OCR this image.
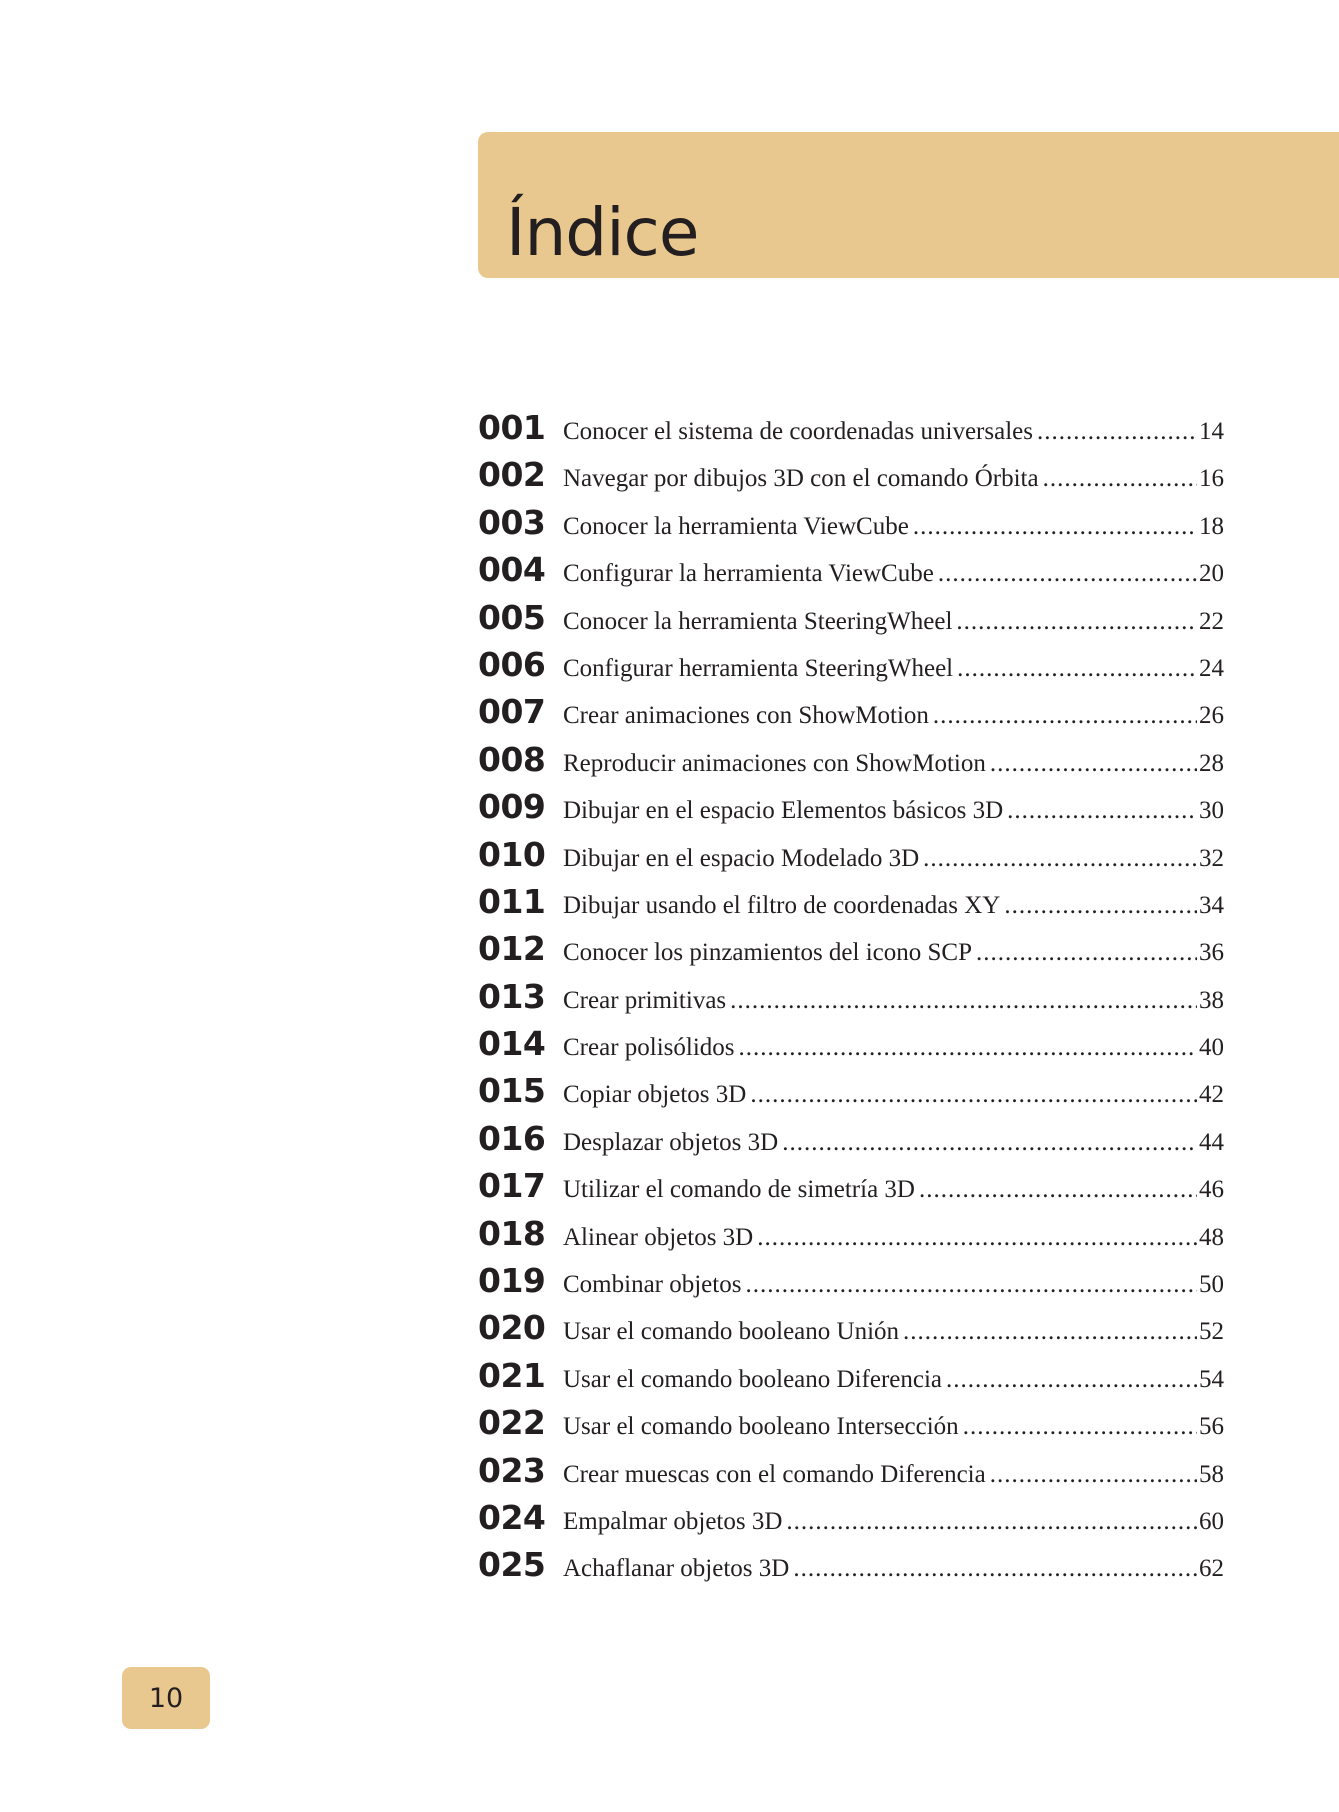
Índice
001 Conocer el sistema de coordenadas universales .....	14
002 Navegar por dibujos 3D con el comando Órbita .....	16
003 Conocer la herramienta ViewCube .....	18
004 Configurar la herramienta ViewCube .....	20
005 Conocer la herramienta SteeringWheel .....	22
006 Configurar herramienta SteeringWheel .....	24
007 Crear animaciones con ShowMotion .....	26
008 Reproducir animaciones con ShowMotion .....	28
009 Dibujar en el espacio Elementos básicos 3D .....	30
010 Dibujar en el espacio Modelado 3D .....	32
011 Dibujar usando el filtro de coordenadas XY .....	34
012 Conocer los pinzamientos del icono SCP .....	36
013 Crear primitivas .....	38
014 Crear polisólidos .....	40
015 Copiar objetos 3D .....	42
016 Desplazar objetos 3D .....	44
017 Utilizar el comando de simetría 3D .....	46
018 Alinear objetos 3D .....	48
019 Combinar objetos .....	50
020 Usar el comando booleano Unión .....	52
021 Usar el comando booleano Diferencia .....	54
022 Usar el comando booleano Intersección .....	56
023 Crear muescas con el comando Diferencia .....	58
024 Empalmar objetos 3D .....	60
025 Achaflanar objetos 3D .....	62
10
